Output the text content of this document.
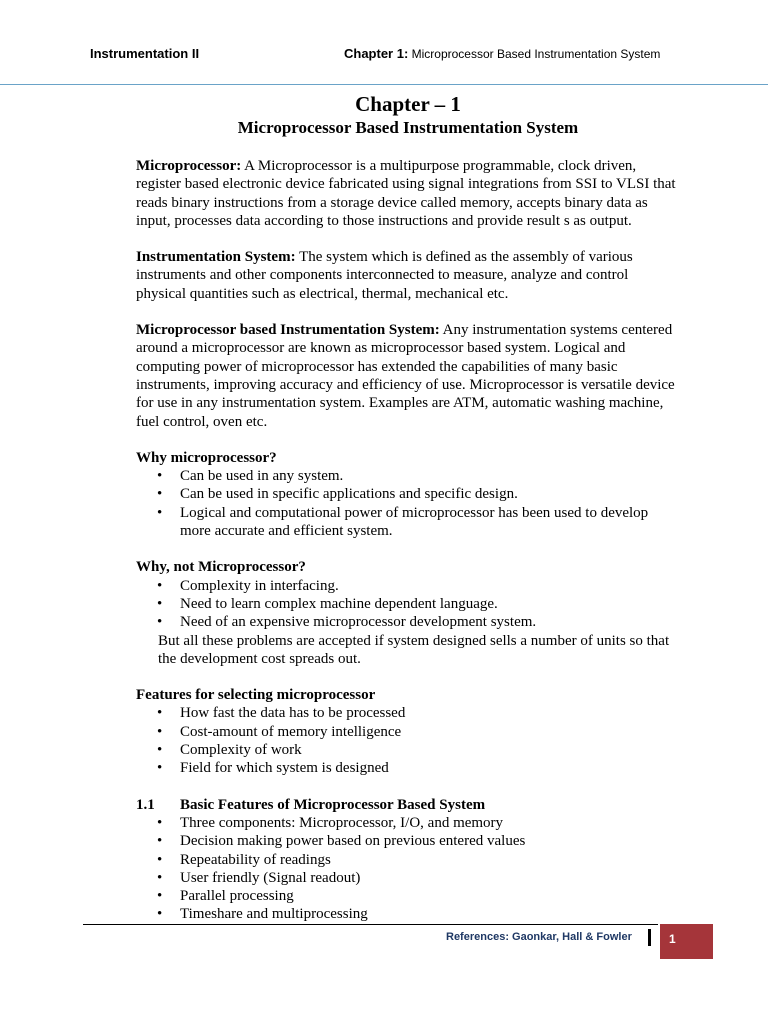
Instrumentation II	Chapter 1: Microprocessor Based Instrumentation System
Chapter – 1
Microprocessor Based Instrumentation System

Microprocessor: A Microprocessor is a multipurpose programmable, clock driven, register based electronic device fabricated using signal integrations from SSI to VLSI that reads binary instructions from a storage device called memory, accepts binary data as input, processes data according to those instructions and provide result s as output.

Instrumentation System: The system which is defined as the assembly of various instruments and other components interconnected to measure, analyze and control physical quantities such as electrical, thermal, mechanical etc.

Microprocessor based Instrumentation System: Any instrumentation systems centered around a microprocessor are known as microprocessor based system. Logical and computing power of microprocessor has extended the capabilities of many basic instruments, improving accuracy and efficiency of use. Microprocessor is versatile device for use in any instrumentation system. Examples are ATM, automatic washing machine, fuel control, oven etc.

Why microprocessor?
• Can be used in any system.
• Can be used in specific applications and specific design.
• Logical and computational power of microprocessor has been used to develop more accurate and efficient system.
Why, not Microprocessor?
• Complexity in interfacing.
• Need to learn complex machine dependent language.
• Need of an expensive microprocessor development system.
But all these problems are accepted if system designed sells a number of units so that the development cost spreads out.
Features for selecting microprocessor
• How fast the data has to be processed
• Cost-amount of memory intelligence
• Complexity of work
• Field for which system is designed
1.1 Basic Features of Microprocessor Based System
• Three components: Microprocessor, I/O, and memory
• Decision making power based on previous entered values
• Repeatability of readings
• User friendly (Signal readout)
• Parallel processing
• Timeshare and multiprocessing
References: Gaonkar, Hall & Fowler	1
